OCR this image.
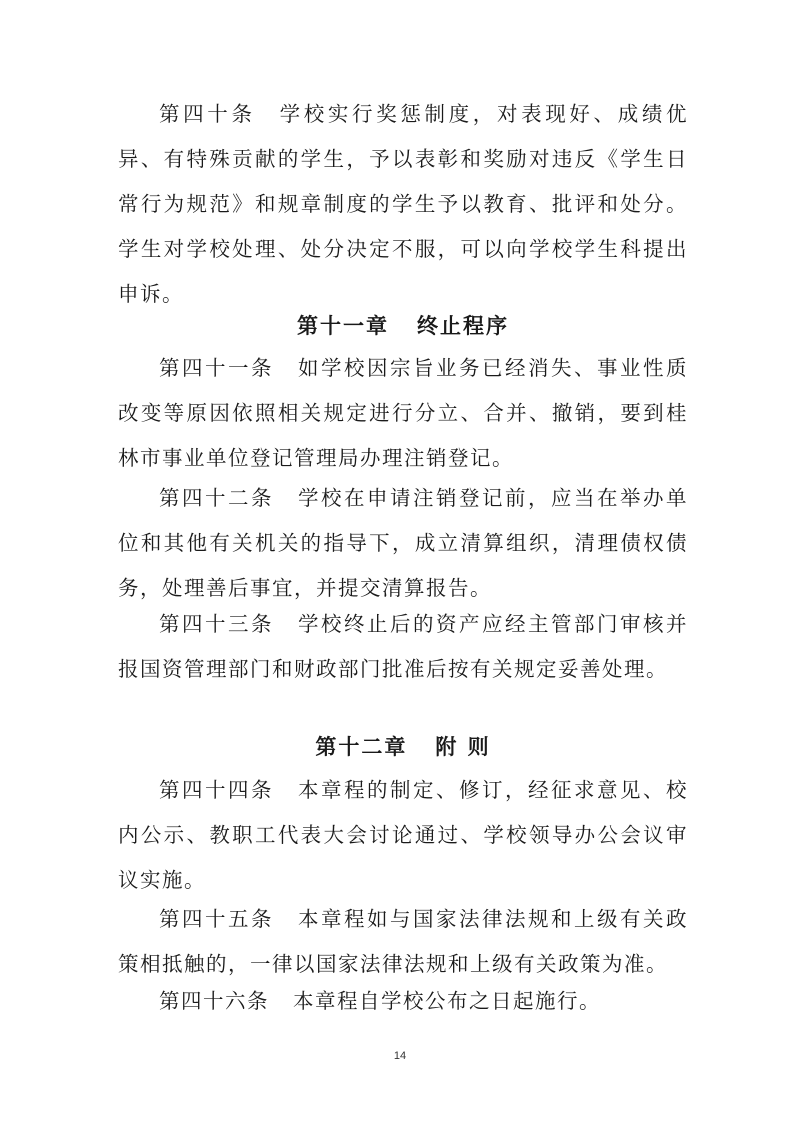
第四十条 学校实行奖惩制度，对表现好、成绩优异、有特殊贡献的学生，予以表彰和奖励对违反《学生日常行为规范》和规章制度的学生予以教育、批评和处分。学生对学校处理、处分决定不服，可以向学校学生科提出申诉。

第十一章 终止程序

第四十一条 如学校因宗旨业务已经消失、事业性质改变等原因依照相关规定进行分立、合并、撤销，要到桂林市事业单位登记管理局办理注销登记。

第四十二条 学校在申请注销登记前，应当在举办单位和其他有关机关的指导下，成立清算组织，清理债权债务，处理善后事宜，并提交清算报告。

第四十三条 学校终止后的资产应经主管部门审核并报国资管理部门和财政部门批准后按有关规定妥善处理。

第十二章 附 则

第四十四条 本章程的制定、修订，经征求意见、校内公示、教职工代表大会讨论通过、学校领导办公会议审议实施。

第四十五条 本章程如与国家法律法规和上级有关政策相抵触的，一律以国家法律法规和上级有关政策为准。

第四十六条 本章程自学校公布之日起施行。

14
